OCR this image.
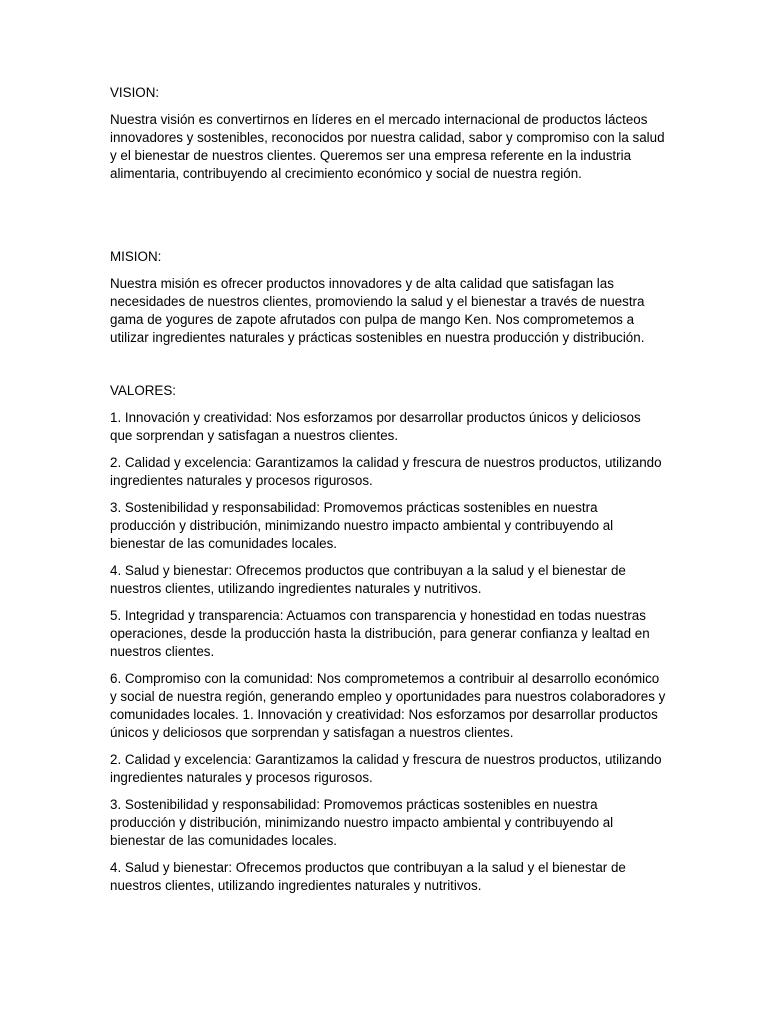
VISION:

Nuestra visión es convertirnos en líderes en el mercado internacional de productos lácteos innovadores y sostenibles, reconocidos por nuestra calidad, sabor y compromiso con la salud y el bienestar de nuestros clientes. Queremos ser una empresa referente en la industria alimentaria, contribuyendo al crecimiento económico y social de nuestra región.

MISION:

Nuestra misión es ofrecer productos innovadores y de alta calidad que satisfagan las necesidades de nuestros clientes, promoviendo la salud y el bienestar a través de nuestra gama de yogures de zapote afrutados con pulpa de mango Ken. Nos comprometemos a utilizar ingredientes naturales y prácticas sostenibles en nuestra producción y distribución.

VALORES:

1. Innovación y creatividad: Nos esforzamos por desarrollar productos únicos y deliciosos que sorprendan y satisfagan a nuestros clientes.

2. Calidad y excelencia: Garantizamos la calidad y frescura de nuestros productos, utilizando ingredientes naturales y procesos rigurosos.

3. Sostenibilidad y responsabilidad: Promovemos prácticas sostenibles en nuestra producción y distribución, minimizando nuestro impacto ambiental y contribuyendo al bienestar de las comunidades locales.

4. Salud y bienestar: Ofrecemos productos que contribuyan a la salud y el bienestar de nuestros clientes, utilizando ingredientes naturales y nutritivos.

5. Integridad y transparencia: Actuamos con transparencia y honestidad en todas nuestras operaciones, desde la producción hasta la distribución, para generar confianza y lealtad en nuestros clientes.

6. Compromiso con la comunidad: Nos comprometemos a contribuir al desarrollo económico y social de nuestra región, generando empleo y oportunidades para nuestros colaboradores y comunidades locales. 1. Innovación y creatividad: Nos esforzamos por desarrollar productos únicos y deliciosos que sorprendan y satisfagan a nuestros clientes.

2. Calidad y excelencia: Garantizamos la calidad y frescura de nuestros productos, utilizando ingredientes naturales y procesos rigurosos.

3. Sostenibilidad y responsabilidad: Promovemos prácticas sostenibles en nuestra producción y distribución, minimizando nuestro impacto ambiental y contribuyendo al bienestar de las comunidades locales.

4. Salud y bienestar: Ofrecemos productos que contribuyan a la salud y el bienestar de nuestros clientes, utilizando ingredientes naturales y nutritivos.
